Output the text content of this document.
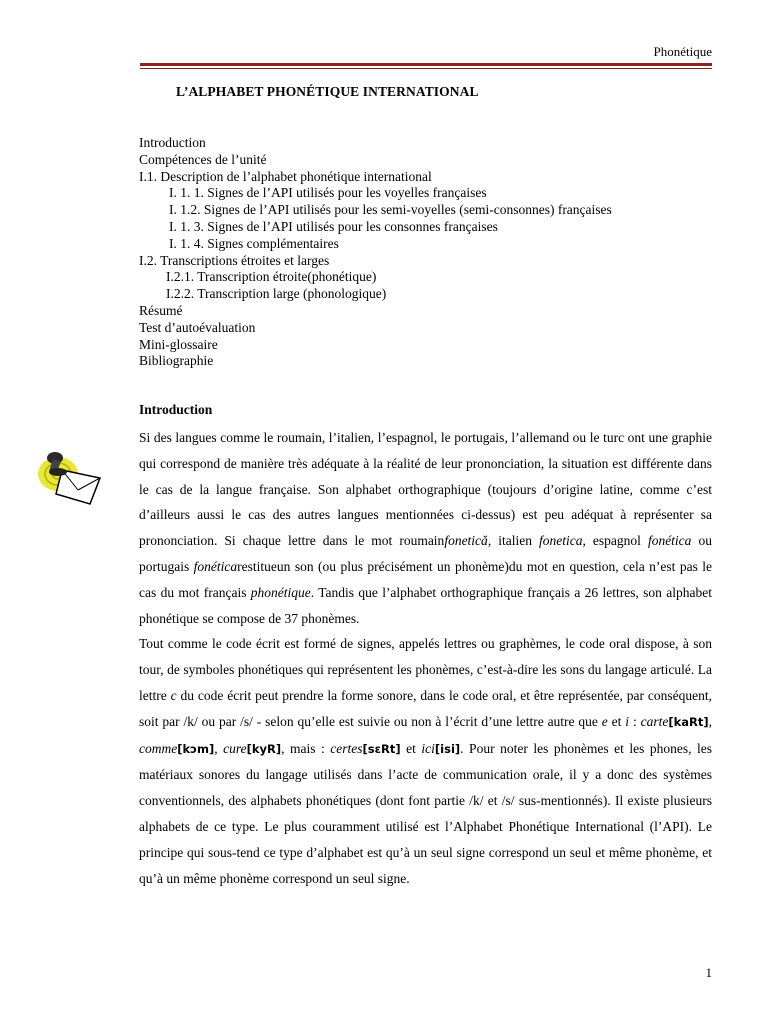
Phonétique
L’ALPHABET PHONÉTIQUE INTERNATIONAL
Introduction
Compétences de l’unité
I.1. Description de l’alphabet phonétique international
I. 1. 1. Signes de l’API utilisés pour les voyelles françaises
I. 1.2. Signes de l’API utilisés pour les semi-voyelles (semi-consonnes) françaises
I. 1. 3. Signes de l’API utilisés pour les consonnes françaises
I. 1. 4. Signes complémentaires
I.2. Transcriptions étroites et larges
I.2.1. Transcription étroite(phonétique)
I.2.2. Transcription large (phonologique)
Résumé
Test d’autoévaluation
Mini-glossaire
Bibliographie
Introduction

Si des langues comme le roumain, l’italien, l’espagnol, le portugais, l’allemand ou le turc ont une graphie qui correspond de manière très adéquate à la réalité de leur prononciation, la situation est différente dans le cas de la langue française. Son alphabet orthographique (toujours d’origine latine, comme c’est d’ailleurs aussi le cas des autres langues mentionnées ci-dessus) est peu adéquat à représenter sa prononciation. Si chaque lettre dans le mot roumainfonetică, italien fonetica, espagnol fonética ou portugais fonéticarestitueun son (ou plus précisément un phonème)du mot en question, cela n’est pas le cas du mot français phonétique. Tandis que l’alphabet orthographique français a 26 lettres, son alphabet phonétique se compose de 37 phonèmes.

Tout comme le code écrit est formé de signes, appelés lettres ou graphèmes, le code oral dispose, à son tour, de symboles phonétiques qui représentent les phonèmes, c’est-à-dire les sons du langage articulé. La lettre c du code écrit peut prendre la forme sonore, dans le code oral, et être représentée, par conséquent, soit par /k/ ou par /s/ - selon qu’elle est suivie ou non à l’écrit d’une lettre autre que e et i : carte[kaRt], comme[kɔm], cure[kyR], mais : certes[sɛRt] et ici[isi]. Pour noter les phonèmes et les phones, les matériaux sonores du langage utilisés dans l’acte de communication orale, il y a donc des systèmes conventionnels, des alphabets phonétiques (dont font partie /k/ et /s/ sus-mentionnés). Il existe plusieurs alphabets de ce type. Le plus couramment utilisé est l’Alphabet Phonétique International (l’API). Le principe qui sous-tend ce type d’alphabet est qu’à un seul signe correspond un seul et même phonème, et qu’à un même phonème correspond un seul signe.

1
